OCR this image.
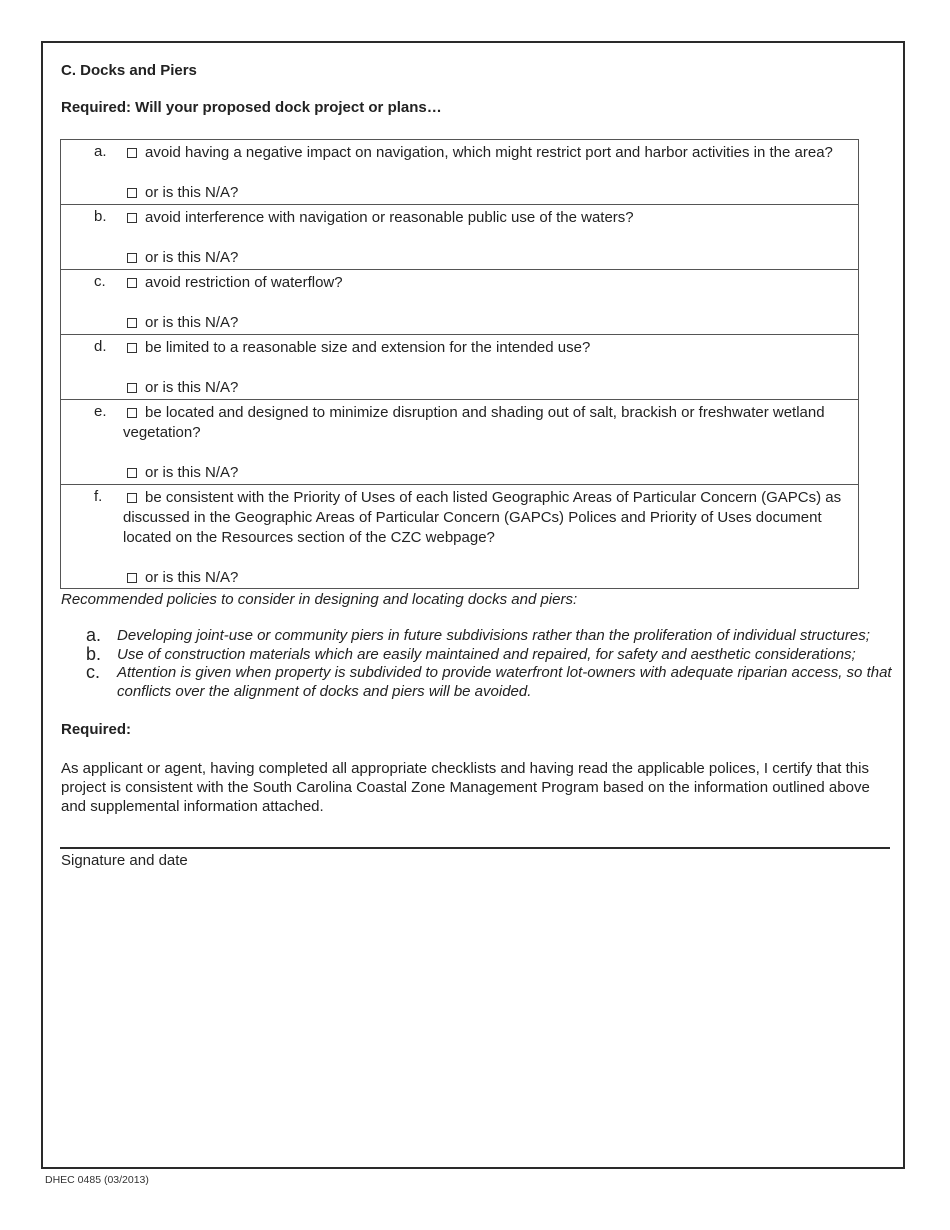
C. Docks and Piers
Required: Will your proposed dock project or plans…
a.	avoid having a negative impact on navigation, which might restrict port and harbor activities in the area?
or is this N/A?
b.	avoid interference with navigation or reasonable public use of the waters?
or is this N/A?
c.	avoid restriction of waterflow?
or is this N/A?
d.	be limited to a reasonable size and extension for the intended use?
or is this N/A?
e.	be located and designed to minimize disruption and shading out of salt, brackish or freshwater wetland vegetation?
or is this N/A?
f.	be consistent with the Priority of Uses of each listed Geographic Areas of Particular Concern (GAPCs) as discussed in the Geographic Areas of Particular Concern (GAPCs) Polices and Priority of Uses document located on the Resources section of the CZC webpage?
or is this N/A?
Recommended policies to consider in designing and locating docks and piers:
a. Developing joint-use or community piers in future subdivisions rather than the proliferation of individual structures;
b. Use of construction materials which are easily maintained and repaired, for safety and aesthetic considerations;
c. Attention is given when property is subdivided to provide waterfront lot-owners with adequate riparian access, so that conflicts over the alignment of docks and piers will be avoided.
Required:
As applicant or agent, having completed all appropriate checklists and having read the applicable polices, I certify that this project is consistent with the South Carolina Coastal Zone Management Program based on the information outlined above and supplemental information attached.
Signature and date
DHEC 0485 (03/2013)
